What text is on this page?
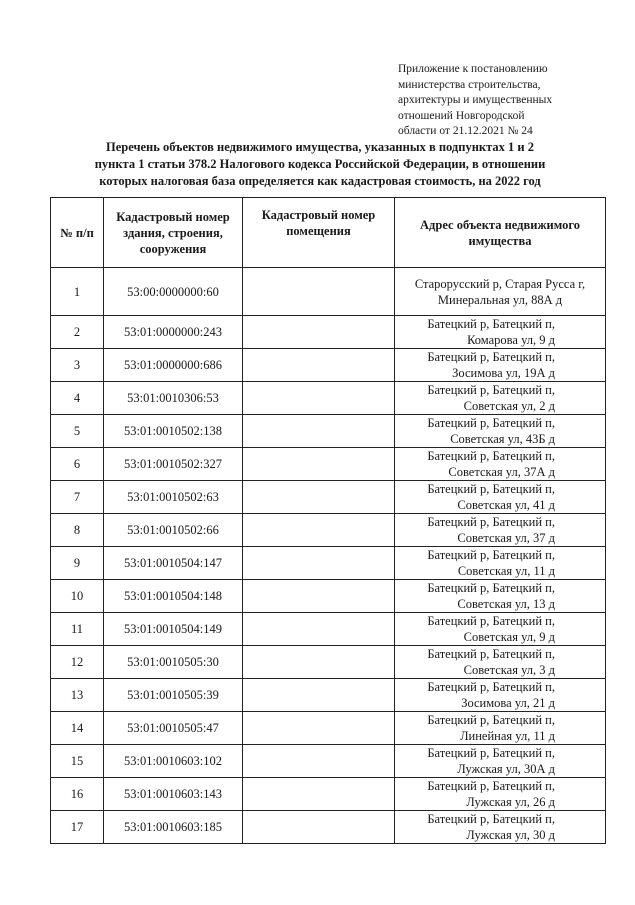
Приложение к постановлению
министерства строительства,
архитектуры и имущественных
отношений Новгородской
области от 21.12.2021 № 24
Перечень объектов недвижимого имущества, указанных в подпунктах 1 и 2
пункта 1 статьи 378.2 Налогового кодекса Российской Федерации, в отношении
которых налоговая база определяется как кадастровая стоимость, на 2022 год
№ п/п	Кадастровый номер здания, строения, сооружения	Кадастровый номер помещения	Адрес объекта недвижимого имущества
1	53:00:0000000:60		Старорусский р, Старая Русса г, Минеральная ул, 88А д
2	53:01:0000000:243		Батецкий р, Батецкий п, Комарова ул, 9 д
3	53:01:0000000:686		Батецкий р, Батецкий п, Зосимова ул, 19А д
4	53:01:0010306:53		Батецкий р, Батецкий п, Советская ул, 2 д
5	53:01:0010502:138		Батецкий р, Батецкий п, Советская ул, 43Б д
6	53:01:0010502:327		Батецкий р, Батецкий п, Советская ул, 37А д
7	53:01:0010502:63		Батецкий р, Батецкий п, Советская ул, 41 д
8	53:01:0010502:66		Батецкий р, Батецкий п, Советская ул, 37 д
9	53:01:0010504:147		Батецкий р, Батецкий п, Советская ул, 11 д
10	53:01:0010504:148		Батецкий р, Батецкий п, Советская ул, 13 д
11	53:01:0010504:149		Батецкий р, Батецкий п, Советская ул, 9 д
12	53:01:0010505:30		Батецкий р, Батецкий п, Советская ул, 3 д
13	53:01:0010505:39		Батецкий р, Батецкий п, Зосимова ул, 21 д
14	53:01:0010505:47		Батецкий р, Батецкий п, Линейная ул, 11 д
15	53:01:0010603:102		Батецкий р, Батецкий п, Лужская ул, 30А д
16	53:01:0010603:143		Батецкий р, Батецкий п, Лужская ул, 26 д
17	53:01:0010603:185		Батецкий р, Батецкий п, Лужская ул, 30 д
